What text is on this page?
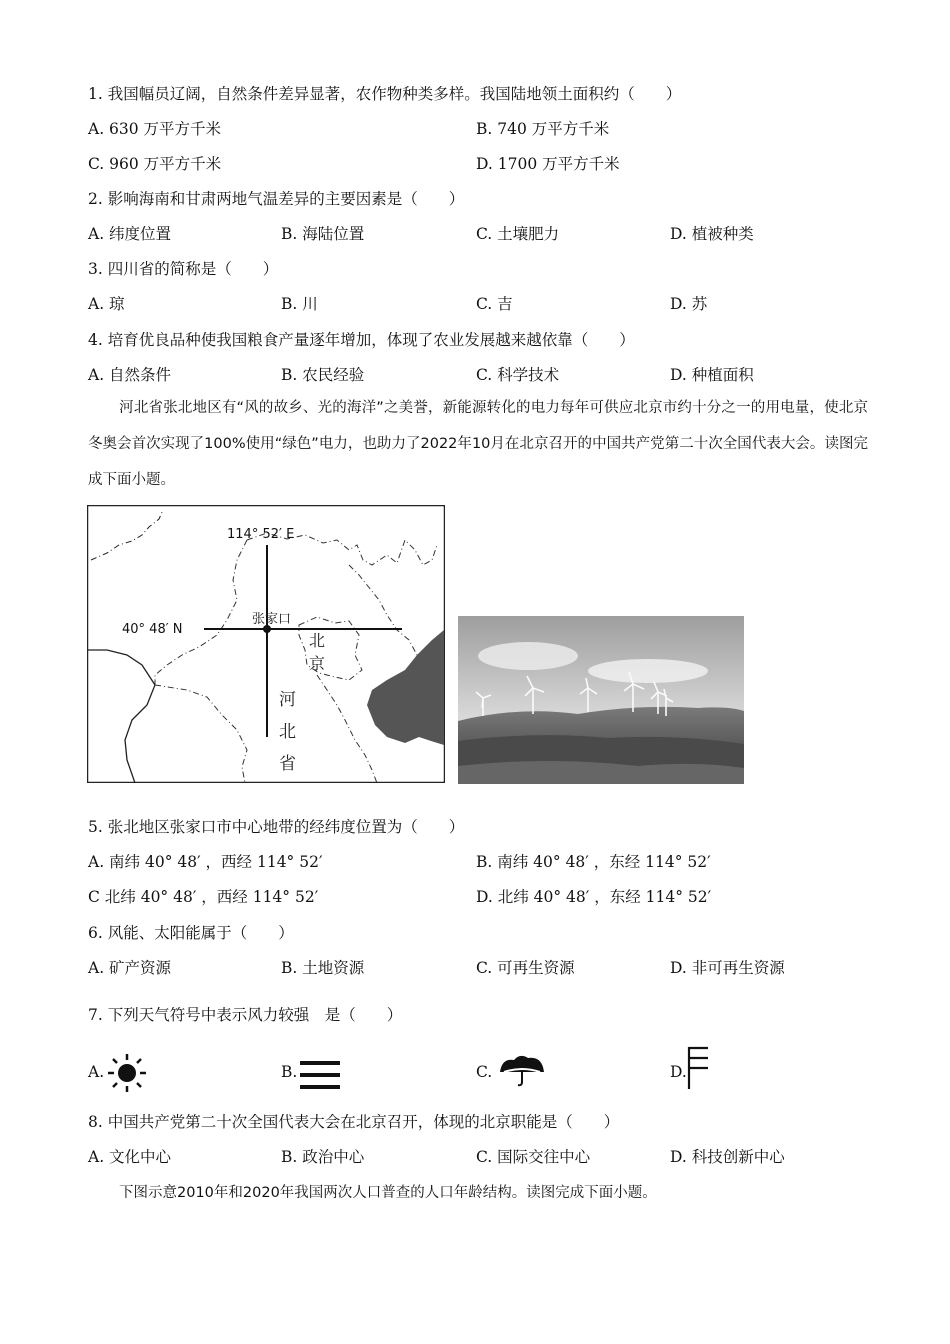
1. 我国幅员辽阔，自然条件差异显著，农作物种类多样。我国陆地领土面积约（　　）
A. 630 万平方千米	B. 740 万平方千米
C. 960 万平方千米	D. 1700 万平方千米
2. 影响海南和甘肃两地气温差异的主要因素是（　　）
A. 纬度位置	B. 海陆位置	C. 土壤肥力	D. 植被种类
3. 四川省的简称是（　　）
A. 琼	B. 川	C. 吉	D. 苏
4. 培育优良品种使我国粮食产量逐年增加，体现了农业发展越来越依靠（　　）
A. 自然条件	B. 农民经验	C. 科学技术	D. 种植面积
河北省张北地区有“风的故乡、光的海洋”之美誉，新能源转化的电力每年可供应北京市约十分之一的用电量，使北京冬奥会首次实现了100%使用“绿色”电力，也助力了2022年10月在北京召开的中国共产党第二十次全国代表大会。读图完成下面小题。
114° 52′ E
40° 48′ N
张家口
北
京
河
北
省
5. 张北地区张家口市中心地带的经纬度位置为（　　）
A. 南纬 40° 48′ ，西经 114° 52′	B. 南纬 40° 48′ ，东经 114° 52′
C 北纬 40° 48′ ，西经 114° 52′	D. 北纬 40° 48′ ，东经 114° 52′
6. 风能、太阳能属于（　　）
A. 矿产资源	B. 土地资源	C. 可再生资源	D. 非可再生资源
7. 下列天气符号中表示风力较强　是（　　）
A.	B.	C.	D.
8. 中国共产党第二十次全国代表大会在北京召开，体现的北京职能是（　　）
A. 文化中心	B. 政治中心	C. 国际交往中心	D. 科技创新中心
下图示意2010年和2020年我国两次人口普查的人口年龄结构。读图完成下面小题。
